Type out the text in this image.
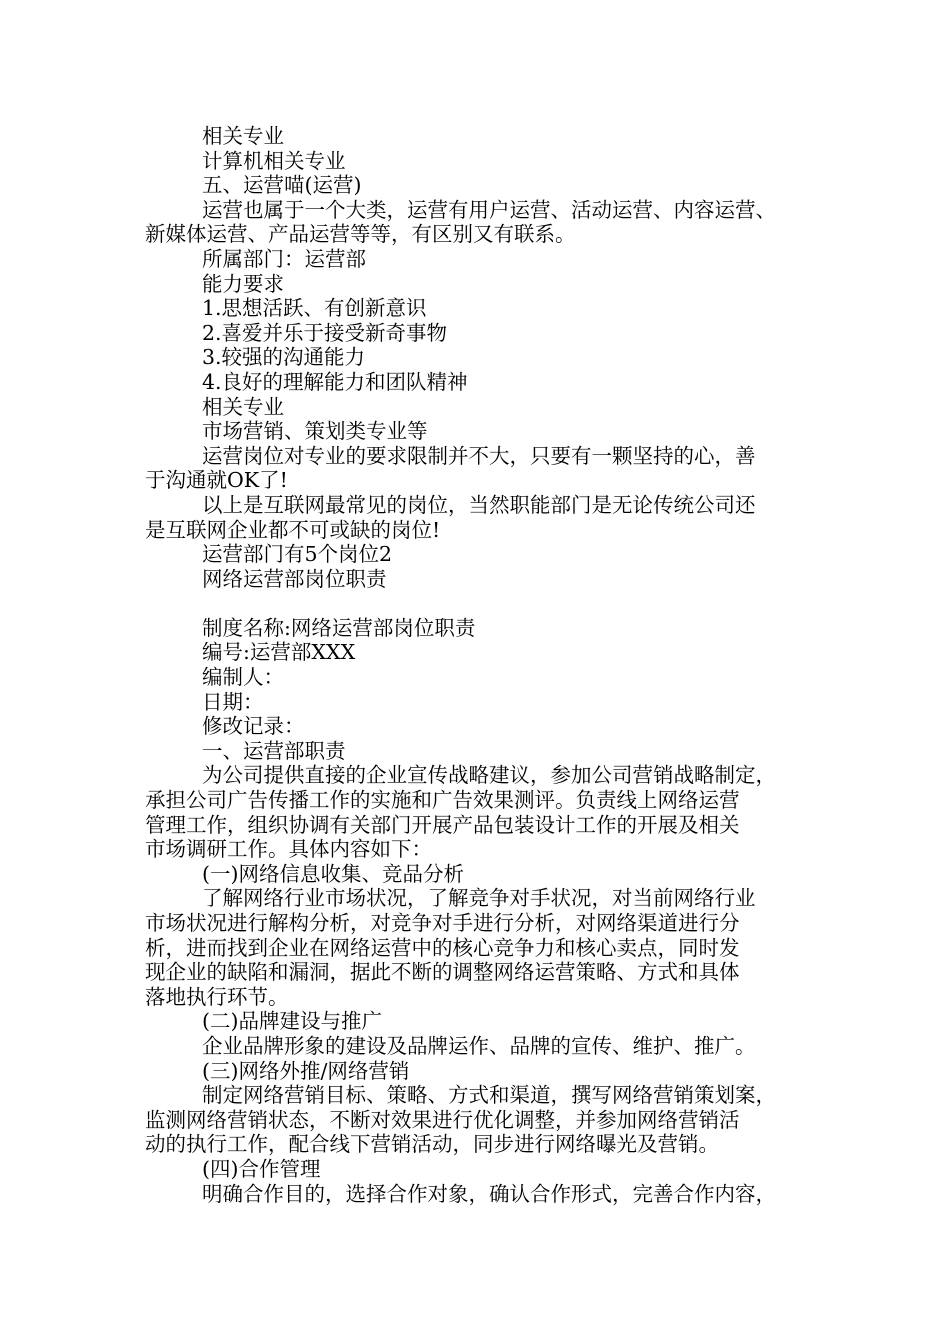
相关专业
计算机相关专业
五、运营喵(运营)
运营也属于一个大类，运营有用户运营、活动运营、内容运营、
新媒体运营、产品运营等等，有区别又有联系。
所属部门：运营部
能力要求
1.思想活跃、有创新意识
2.喜爱并乐于接受新奇事物
3.较强的沟通能力
4.良好的理解能力和团队精神
相关专业
市场营销、策划类专业等
运营岗位对专业的要求限制并不大，只要有一颗坚持的心，善
于沟通就OK了!
以上是互联网最常见的岗位，当然职能部门是无论传统公司还
是互联网企业都不可或缺的岗位!
运营部门有5个岗位2
网络运营部岗位职责
制度名称:网络运营部岗位职责
编号:运营部XXX
编制人：
日期：
修改记录：
一、运营部职责
为公司提供直接的企业宣传战略建议，参加公司营销战略制定，
承担公司广告传播工作的实施和广告效果测评。负责线上网络运营
管理工作，组织协调有关部门开展产品包装设计工作的开展及相关
市场调研工作。具体内容如下：
(一)网络信息收集、竞品分析
了解网络行业市场状况，了解竞争对手状况，对当前网络行业
市场状况进行解构分析，对竞争对手进行分析，对网络渠道进行分
析，进而找到企业在网络运营中的核心竞争力和核心卖点，同时发
现企业的缺陷和漏洞，据此不断的调整网络运营策略、方式和具体
落地执行环节。
(二)品牌建设与推广
企业品牌形象的建设及品牌运作、品牌的宣传、维护、推广。
(三)网络外推/网络营销
制定网络营销目标、策略、方式和渠道，撰写网络营销策划案，
监测网络营销状态，不断对效果进行优化调整，并参加网络营销活
动的执行工作，配合线下营销活动，同步进行网络曝光及营销。
(四)合作管理
明确合作目的，选择合作对象，确认合作形式，完善合作内容，
